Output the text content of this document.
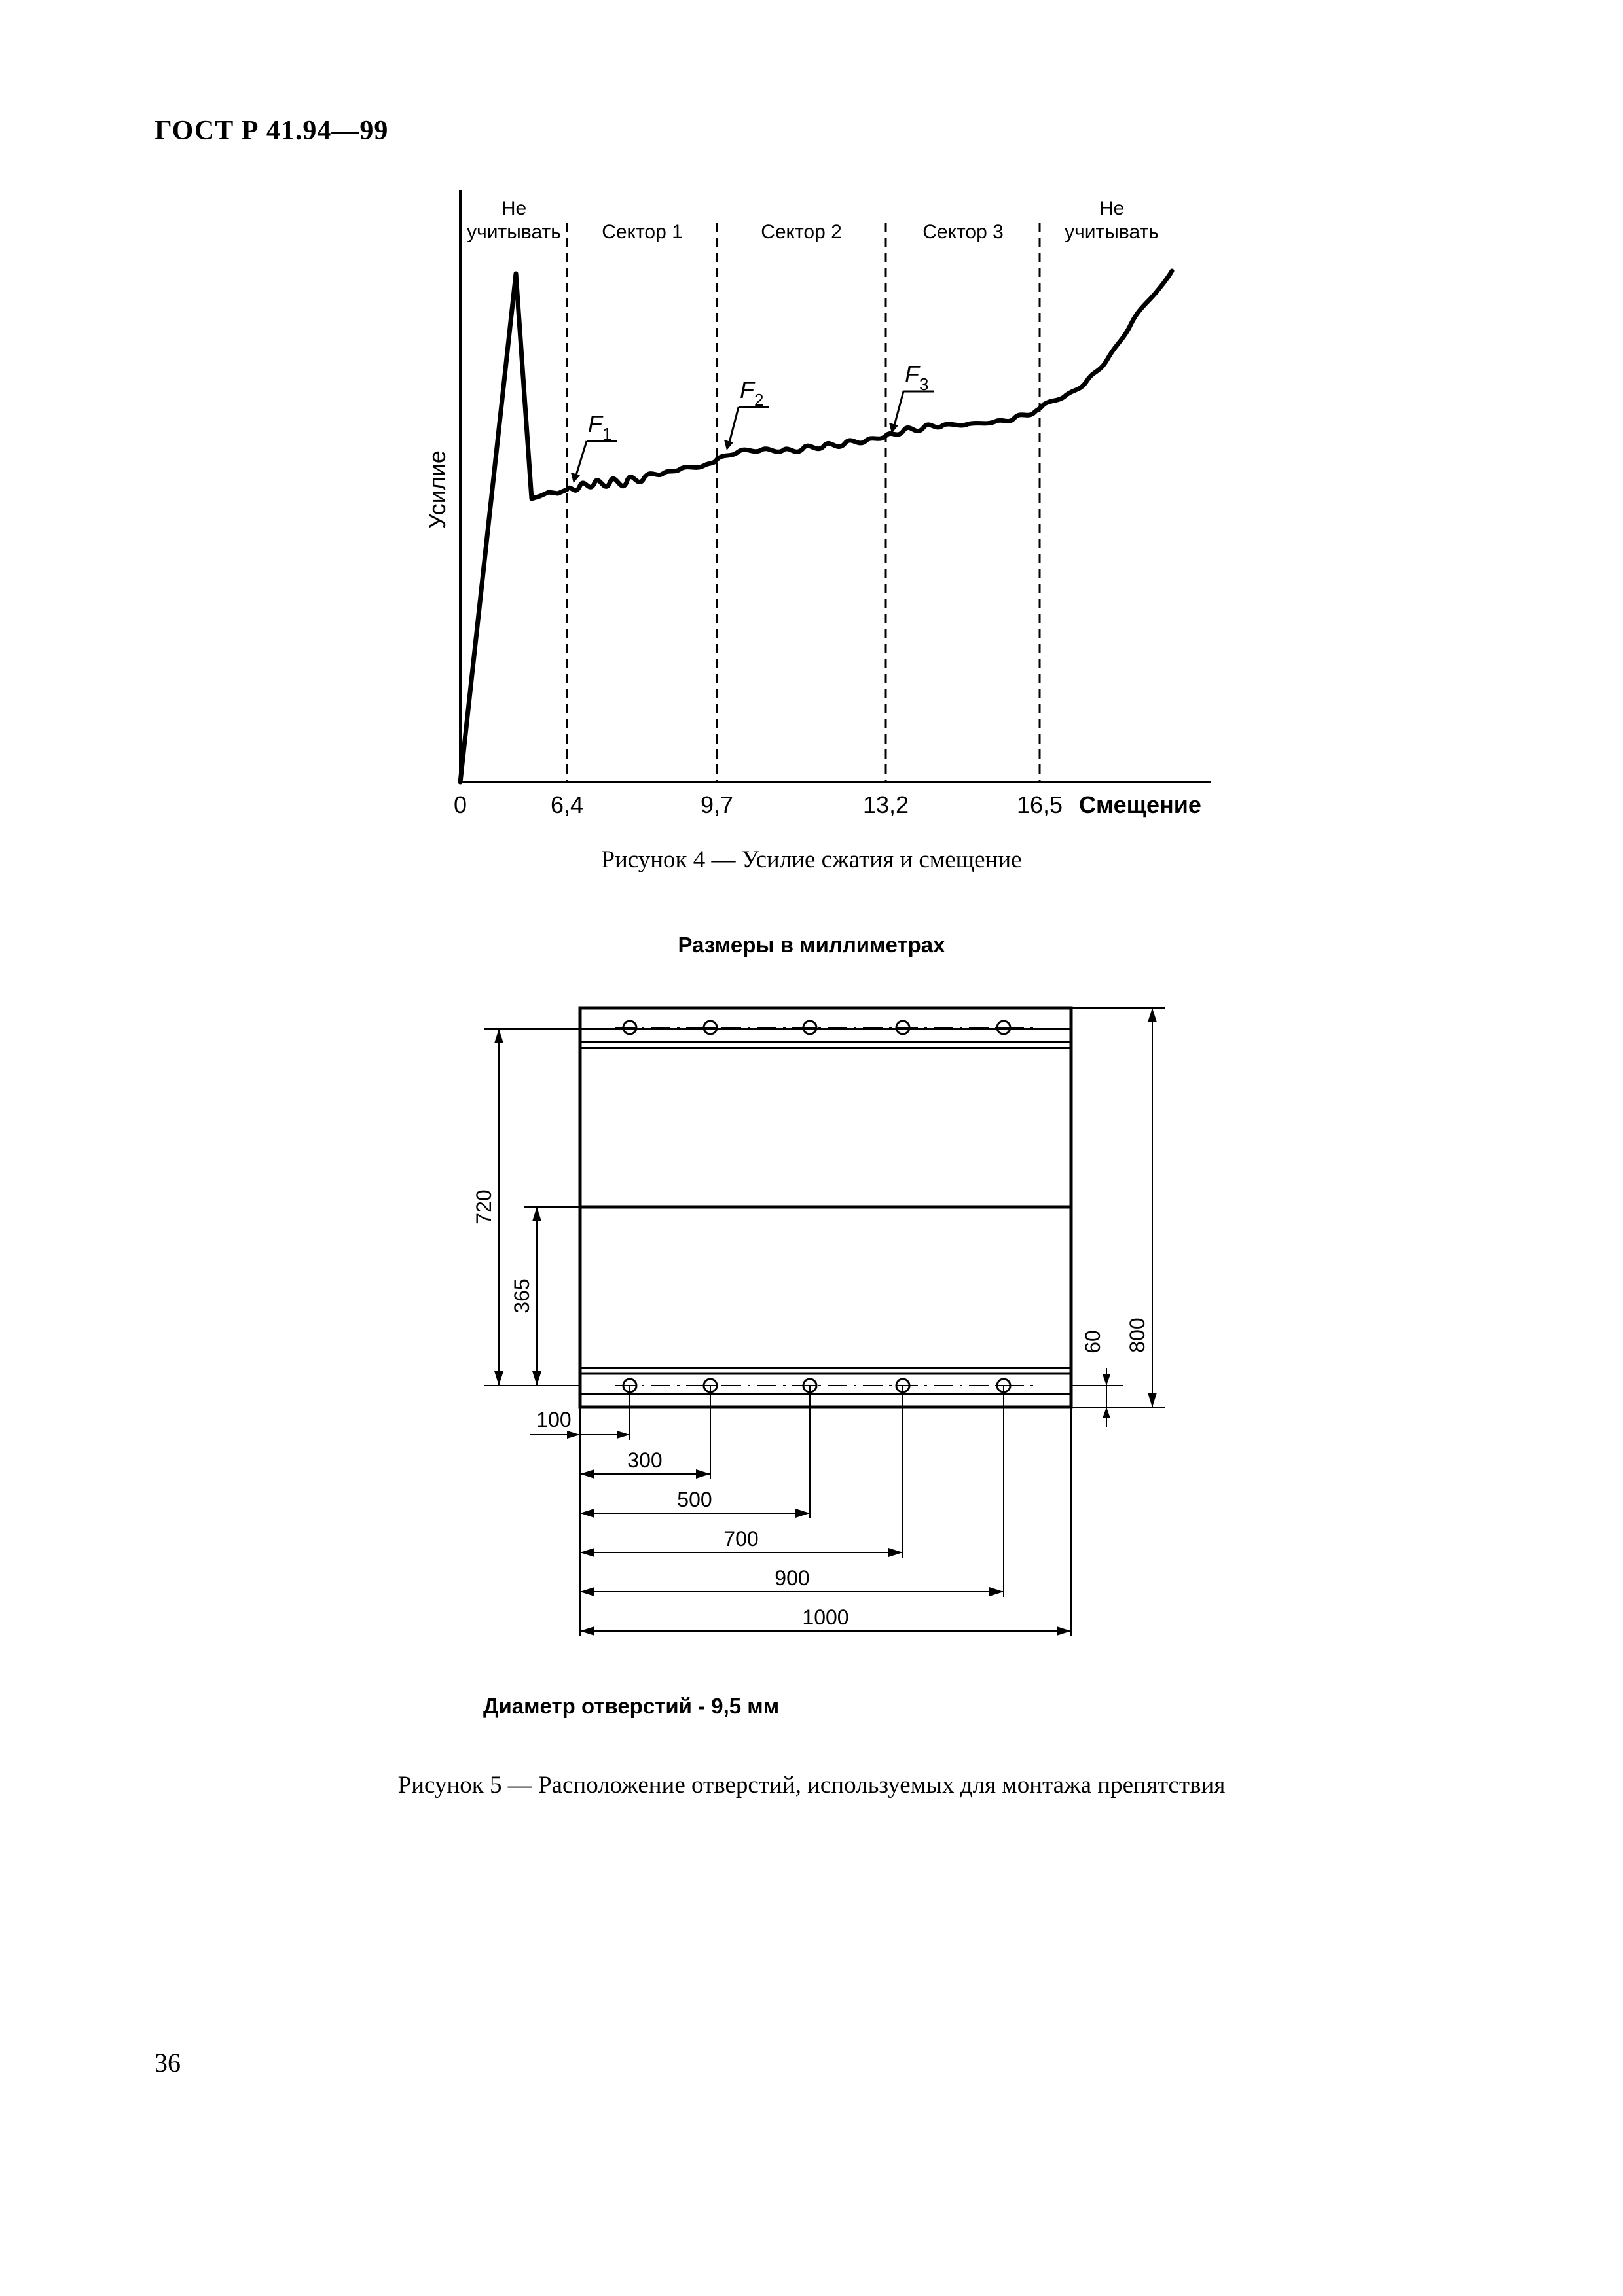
ГОСТ Р 41.94—99
Не
учитывать Сектор 1	Сектор 2	Сектор 3
Не
учитывать
Усилие
0	6,4	9,7	13,2	16,5 Смещение
F 1
F 2
F 3
Рисунок 4 — Усилие сжатия и смещение
Размеры в миллиметрах
720
365
800
60
100
300
500
700
900
1000
Диаметр отверстий - 9,5 мм
Рисунок 5 — Расположение отверстий, используемых для монтажа препятствия
36
